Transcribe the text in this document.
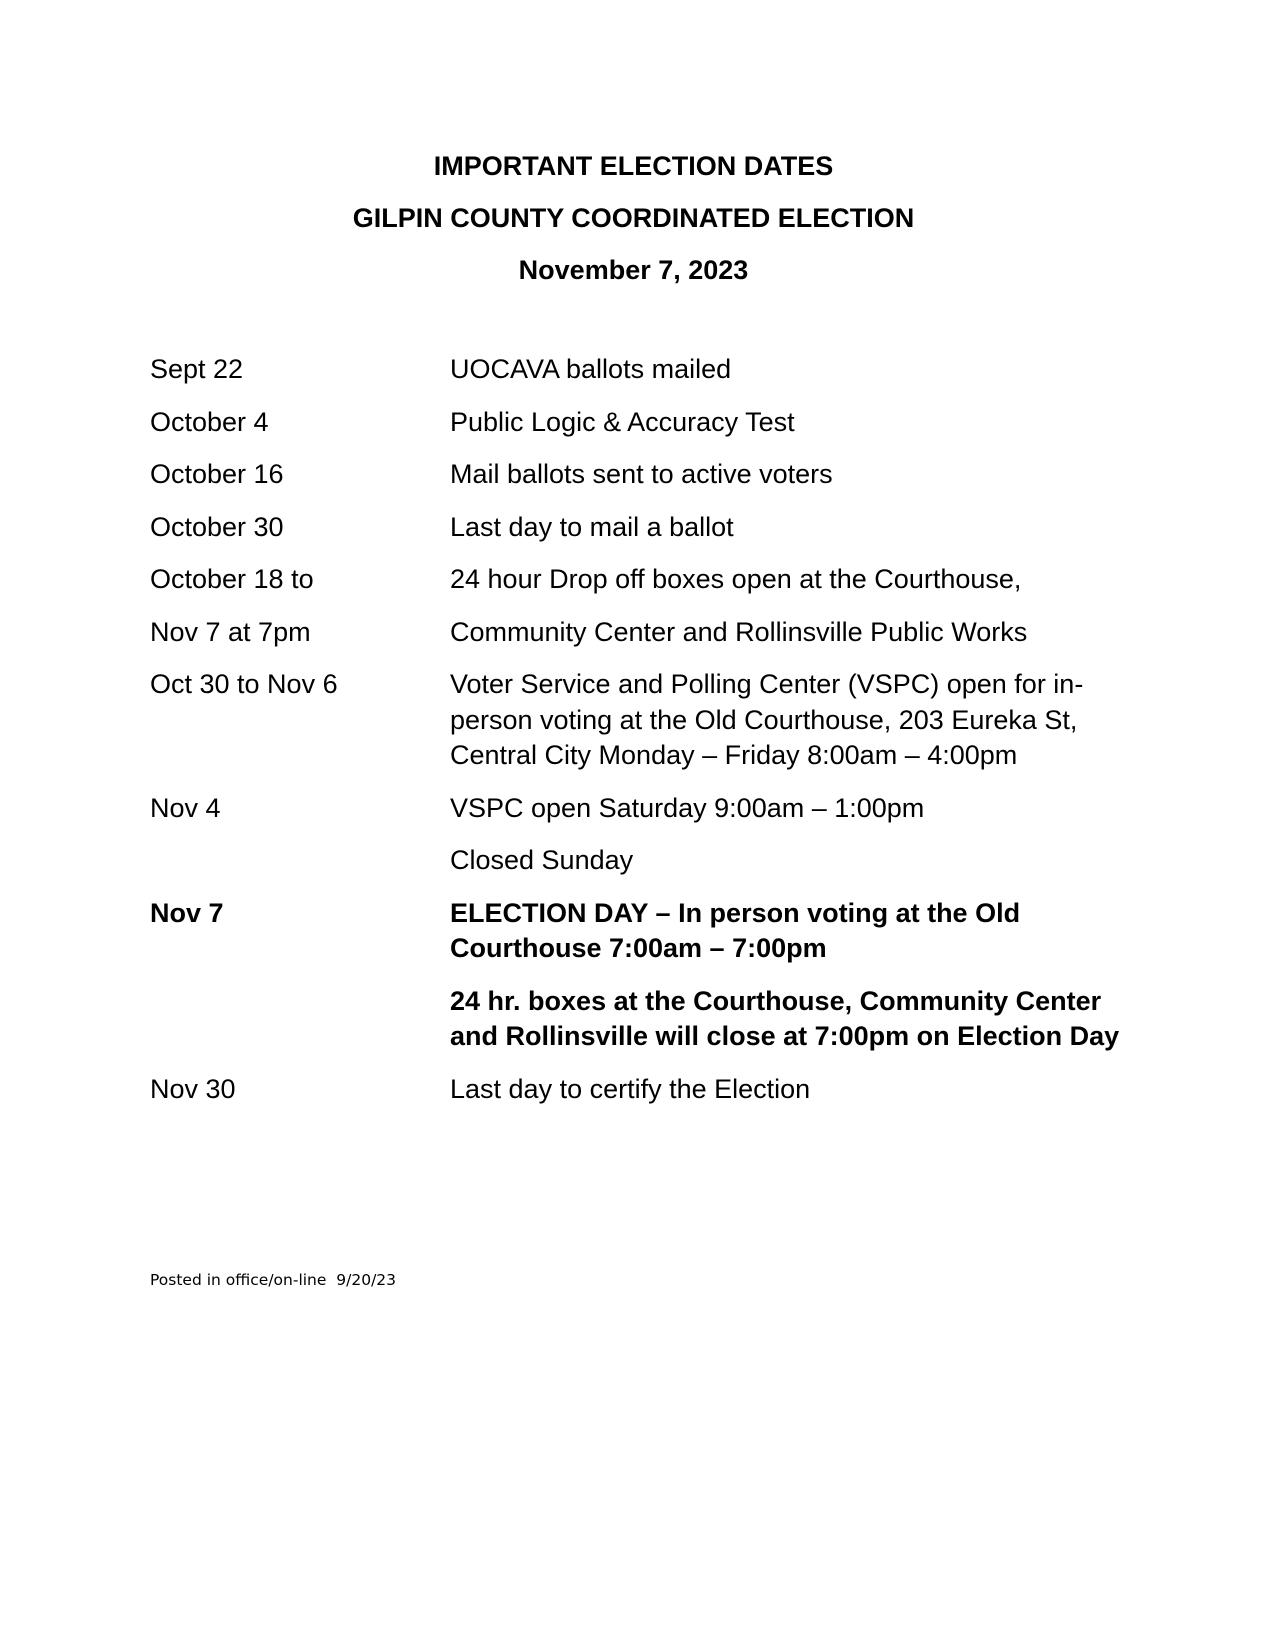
IMPORTANT ELECTION DATES

GILPIN COUNTY COORDINATED ELECTION

November 7, 2023

Sept 22	UOCAVA ballots mailed
October 4	Public Logic & Accuracy Test
October 16	Mail ballots sent to active voters
October 30	Last day to mail a ballot
October 18 to	24 hour Drop off boxes open at the Courthouse,
Nov 7 at 7pm	Community Center and Rollinsville Public Works
Oct 30 to Nov 6	Voter Service and Polling Center (VSPC) open for in-person voting at the Old Courthouse, 203 Eureka St, Central City Monday – Friday 8:00am – 4:00pm
Nov 4	VSPC open Saturday 9:00am – 1:00pm
Closed Sunday
Nov 7	ELECTION DAY – In person voting at the Old Courthouse 7:00am – 7:00pm
24 hr. boxes at the Courthouse, Community Center and Rollinsville will close at 7:00pm on Election Day
Nov 30	Last day to certify the Election
Posted in office/on-line  9/20/23
